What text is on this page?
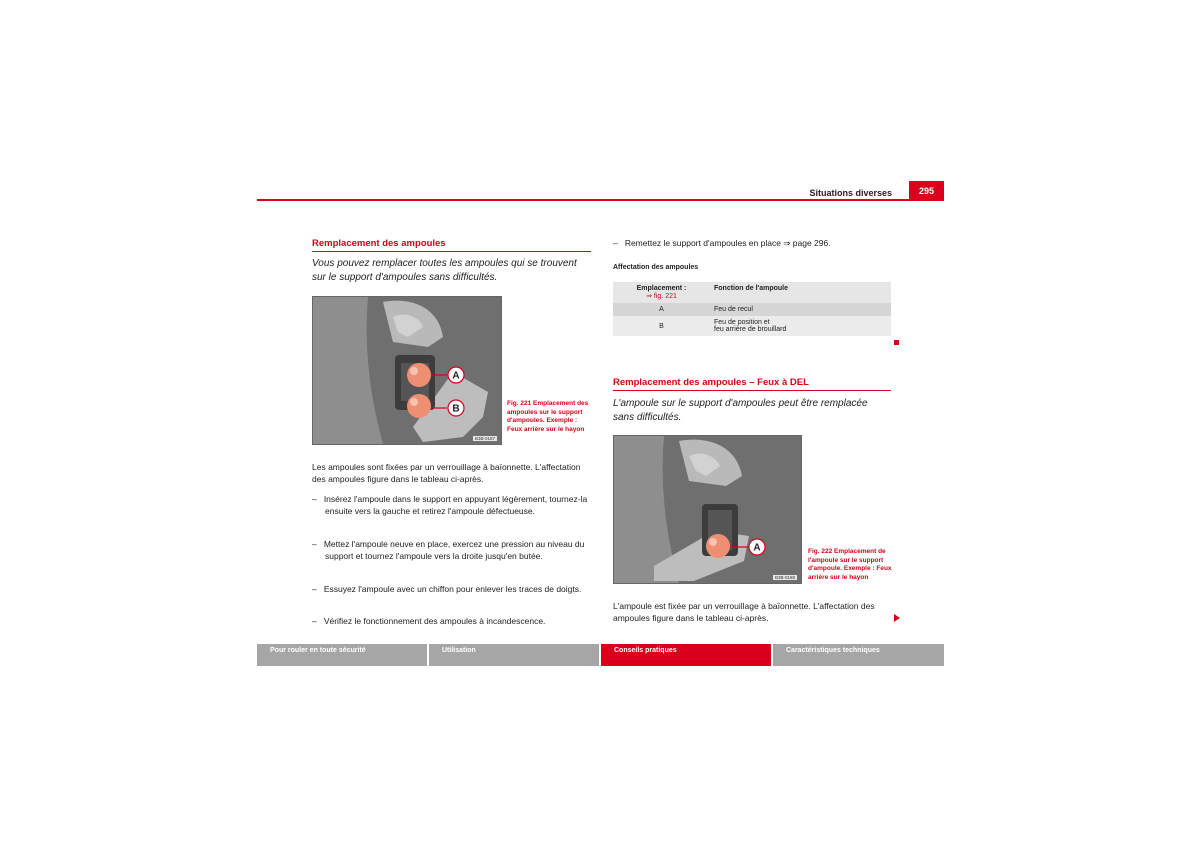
Situations diverses	295
Remplacement des ampoules
Vous pouvez remplacer toutes les ampoules qui se trouvent sur le support d'ampoules sans difficultés.
A
B
B3B-0187
Fig. 221 Emplacement des ampoules sur le support d'ampoules. Exemple : Feux arrière sur le hayon
Les ampoules sont fixées par un verrouillage à baïonnette. L'affectation des ampoules figure dans le tableau ci-après.
–   Insérez l'ampoule dans le support en appuyant légèrement, tournez-la ensuite vers la gauche et retirez l'ampoule défectueuse.
–   Mettez l'ampoule neuve en place, exercez une pression au niveau du support et tournez l'ampoule vers la droite jusqu'en butée.
–   Essuyez l'ampoule avec un chiffon pour enlever les traces de doigts.
–   Vérifiez le fonctionnement des ampoules à incandescence.
–   Remettez le support d'ampoules en place ⇒ page 296.
Affectation des ampoules
Emplacement :
⇒ fig. 221	Fonction de l'ampoule
A	Feu de recul
B	Feu de position et
feu arrière de brouillard
Remplacement des ampoules – Feux à DEL
L'ampoule sur le support d'ampoules peut être remplacée sans difficultés.
A
B3B-0188
Fig. 222 Emplacement de l'ampoule sur le support d'ampoule. Exemple : Feux arrière sur le hayon
L'ampoule est fixée par un verrouillage à baïonnette. L'affectation des ampoules figure dans le tableau ci-après.
Pour rouler en toute sécurité	Utilisation	Conseils pratiques	Caractéristiques techniques
